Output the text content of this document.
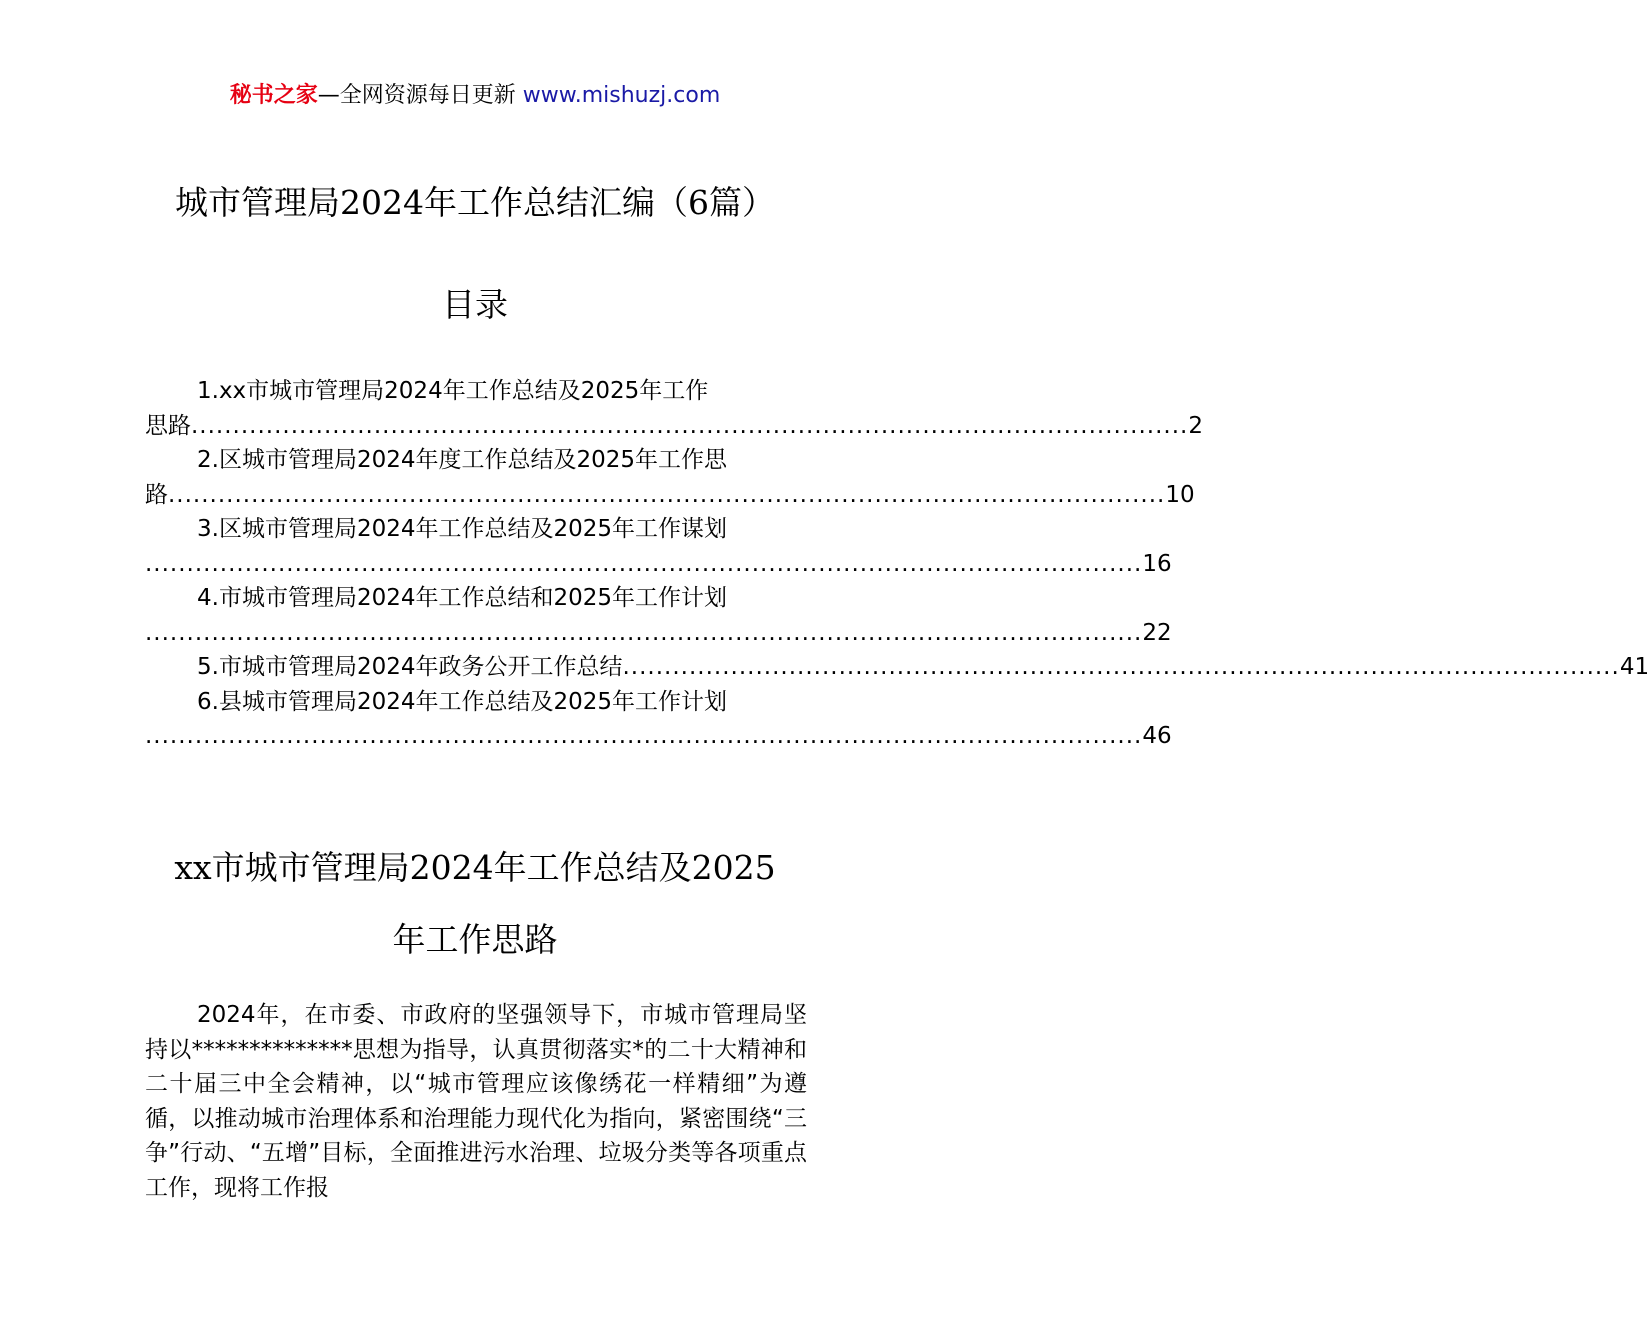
秘书之家—全网资源每日更新 www.mishuzj.com
城市管理局2024年工作总结汇编（6篇）
目录
1.xx市城市管理局2024年工作总结及2025年工作
思路 ........................................................................................................................ 2
2.区城市管理局2024年度工作总结及2025年工作思
路 ........................................................................................................................ 10
3.区城市管理局2024年工作总结及2025年工作谋划
........................................................................................................................ 16
4.市城市管理局2024年工作总结和2025年工作计划
........................................................................................................................ 22
5.市城市管理局2024年政务公开工作总结 ........................................................................................................................ 41
6.县城市管理局2024年工作总结及2025年工作计划
........................................................................................................................ 46
xx市城市管理局2024年工作总结及2025
年工作思路
2024年，在市委、市政府的坚强领导下，市城市管理局坚持以**************思想为指导，认真贯彻落实*的二十大精神和二十届三中全会精神，以“城市管理应该像绣花一样精细”为遵循，以推动城市治理体系和治理能力现代化为指向，紧密围绕“三争”行动、“五增”目标，全面推进污水治理、垃圾分类等各项重点工作，现将工作报
